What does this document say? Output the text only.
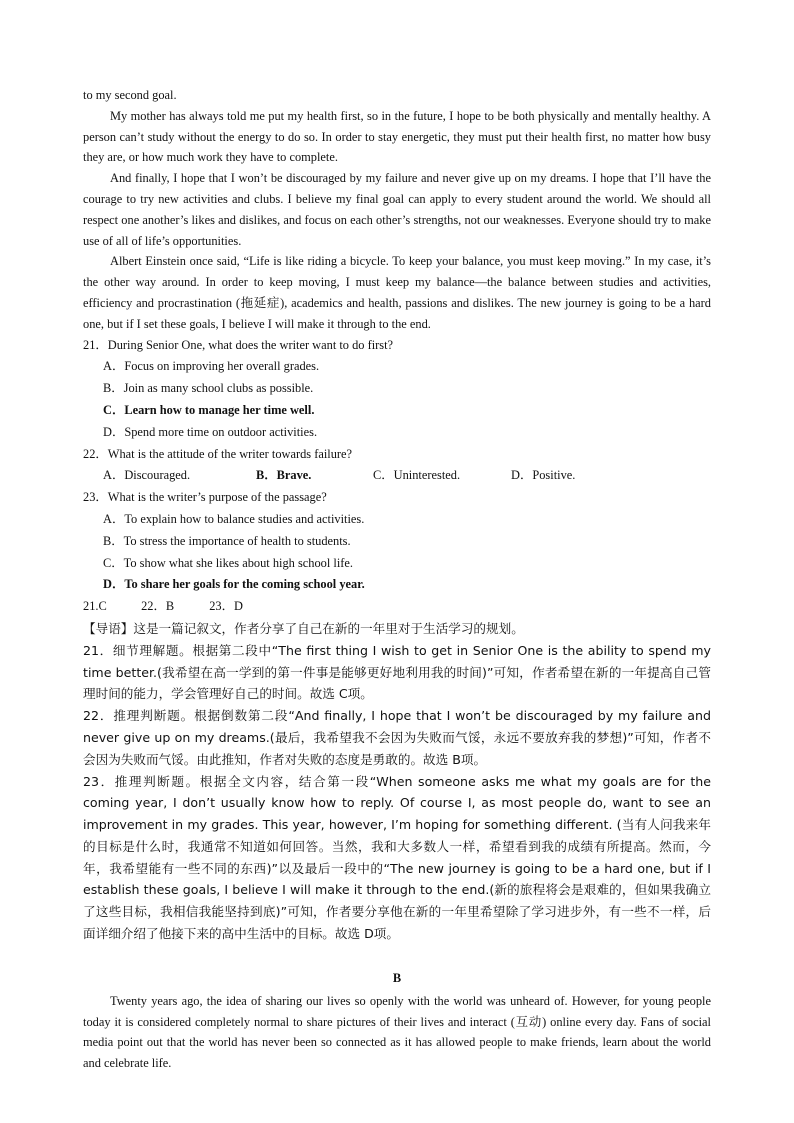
to my second goal.

My mother has always told me put my health first, so in the future, I hope to be both physically and mentally healthy. A person can’t study without the energy to do so. In order to stay energetic, they must put their health first, no matter how busy they are, or how much work they have to complete.

And finally, I hope that I won’t be discouraged by my failure and never give up on my dreams. I hope that I’ll have the courage to try new activities and clubs. I believe my final goal can apply to every student around the world. We should all respect one another’s likes and dislikes, and focus on each other’s strengths, not our weaknesses. Everyone should try to make use of all of life’s opportunities.

Albert Einstein once said, “Life is like riding a bicycle. To keep your balance, you must keep moving.” In my case, it’s the other way around. In order to keep moving, I must keep my balance—the balance between studies and activities, efficiency and procrastination (拖延症), academics and health, passions and dislikes. The new journey is going to be a hard one, but if I set these goals, I believe I will make it through to the end.

21．During Senior One, what does the writer want to do first?
A．Focus on improving her overall grades.
B．Join as many school clubs as possible.
C．Learn how to manage her time well.
D．Spend more time on outdoor activities.
22．What is the attitude of the writer towards failure?
A．Discouraged.	B．Brave.	C．Uninterested.	D．Positive.
23．What is the writer’s purpose of the passage?
A．To explain how to balance studies and activities.
B．To stress the importance of health to students.
C．To show what she likes about high school life.
D．To share her goals for the coming school year.
21.C	22．B	23．D
【导语】这是一篇记叙文，作者分享了自己在新的一年里对于生活学习的规划。
21．细节理解题。根据第二段中“The first thing I wish to get in Senior One is the ability to spend my time better.(我希望在高一学到的第一件事是能够更好地利用我的时间)”可知，作者希望在新的一年提高自己管理时间的能力，学会管理好自己的时间。故选 C项。
22．推理判断题。根据倒数第二段“And finally, I hope that I won’t be discouraged by my failure and never give up on my dreams.(最后，我希望我不会因为失败而气馁，永远不要放弃我的梦想)”可知，作者不会因为失败而气馁。由此推知，作者对失败的态度是勇敢的。故选 B项。
23．推理判断题。根据全文内容，结合第一段“When someone asks me what my goals are for the coming year, I don’t usually know how to reply. Of course I, as most people do, want to see an improvement in my grades. This year, however, I’m hoping for something different. (当有人问我来年的目标是什么时，我通常不知道如何回答。当然，我和大多数人一样，希望看到我的成绩有所提高。然而，今年，我希望能有一些不同的东西)”以及最后一段中的“The new journey is going to be a hard one, but if I establish these goals, I believe I will make it through to the end.(新的旅程将会是艰难的，但如果我确立了这些目标，我相信我能坚持到底)”可知，作者要分享他在新的一年里希望除了学习进步外，有一些不一样，后面详细介绍了他接下来的高中生活中的目标。故选 D项。
B

Twenty years ago, the idea of sharing our lives so openly with the world was unheard of. However, for young people today it is considered completely normal to share pictures of their lives and interact (互动) online every day. Fans of social media point out that the world has never been so connected as it has allowed people to make friends, learn about the world and celebrate life.
